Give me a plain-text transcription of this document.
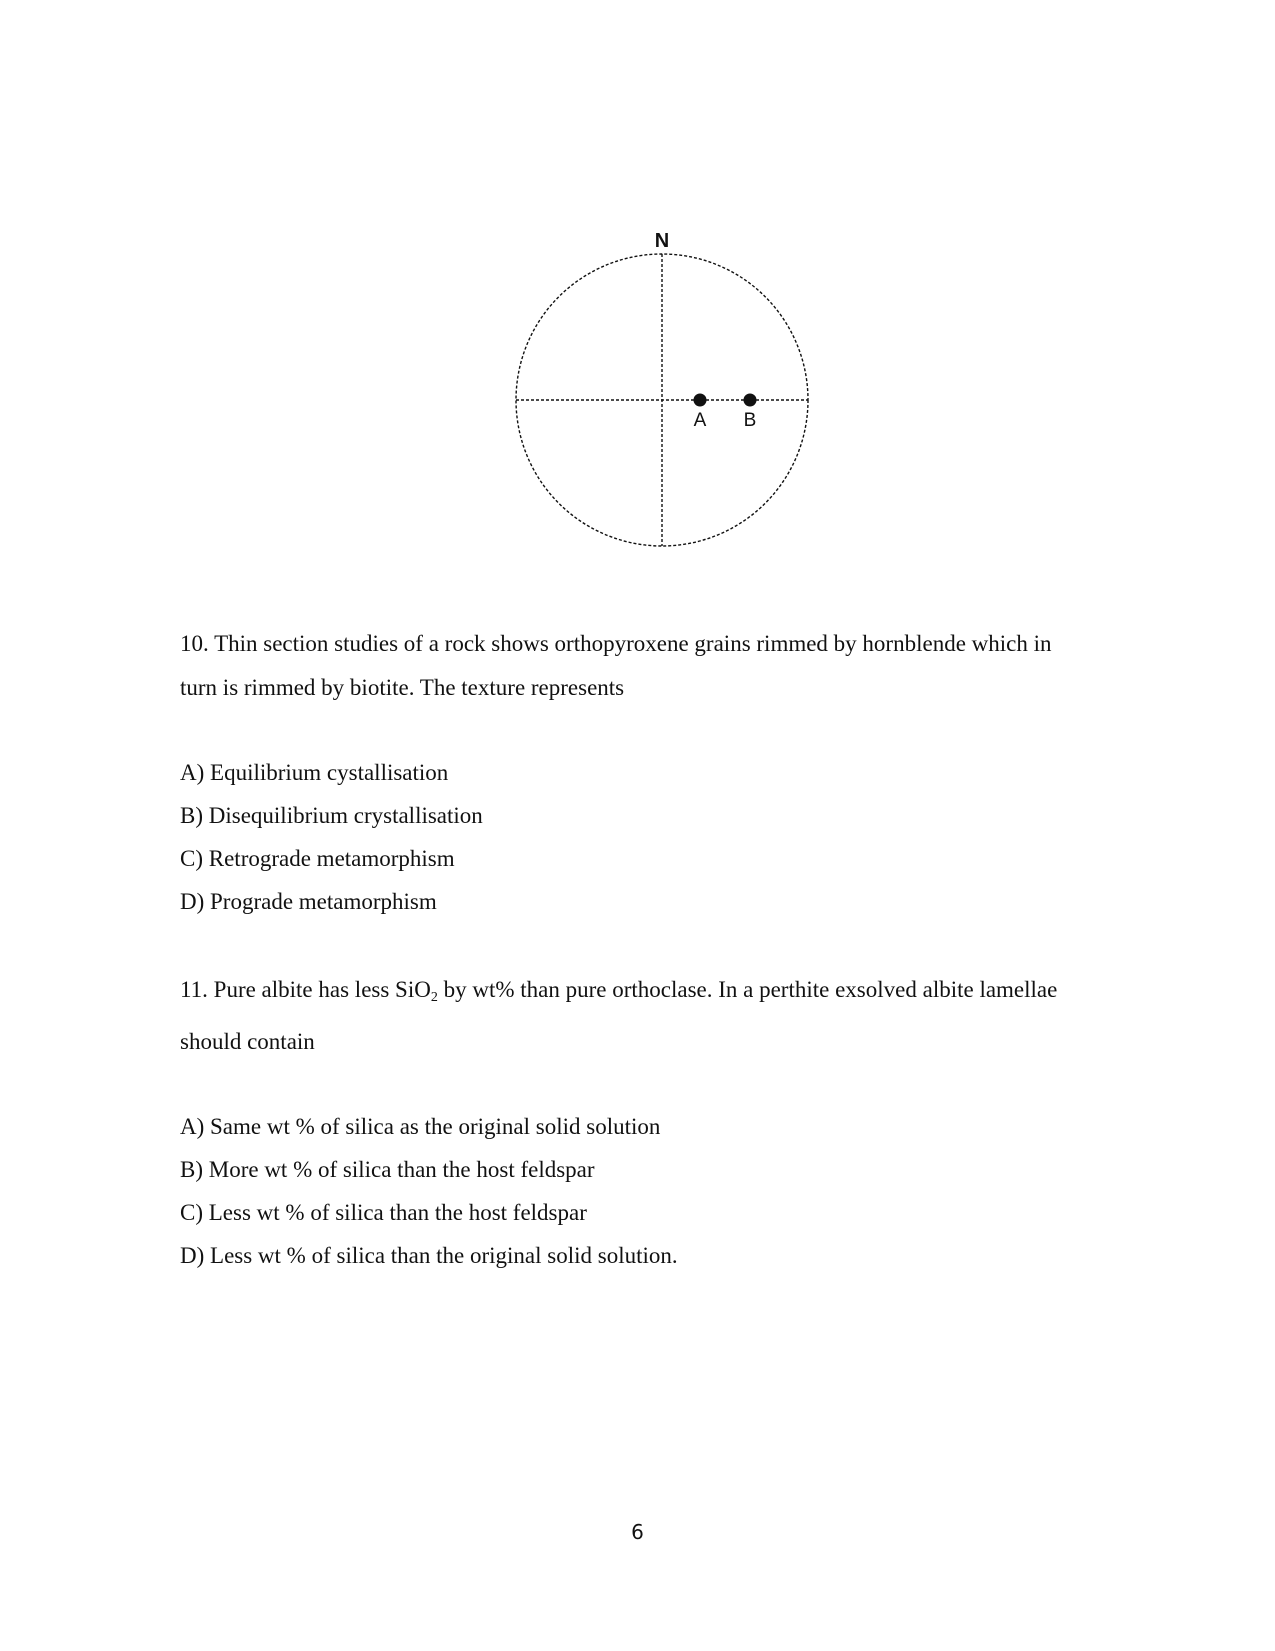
N
A B

10. Thin section studies of a rock shows orthopyroxene grains rimmed by hornblende which in turn is rimmed by biotite. The texture represents

A) Equilibrium cystallisation
B) Disequilibrium crystallisation
C) Retrograde metamorphism
D) Prograde metamorphism

11. Pure albite has less SiO$_2$ by wt% than pure orthoclase. In a perthite exsolved albite lamellae should contain

A) Same wt % of silica as the original solid solution
B) More wt % of silica than the host feldspar
C) Less wt % of silica than the host feldspar
D) Less wt % of silica than the original solid solution.
6
